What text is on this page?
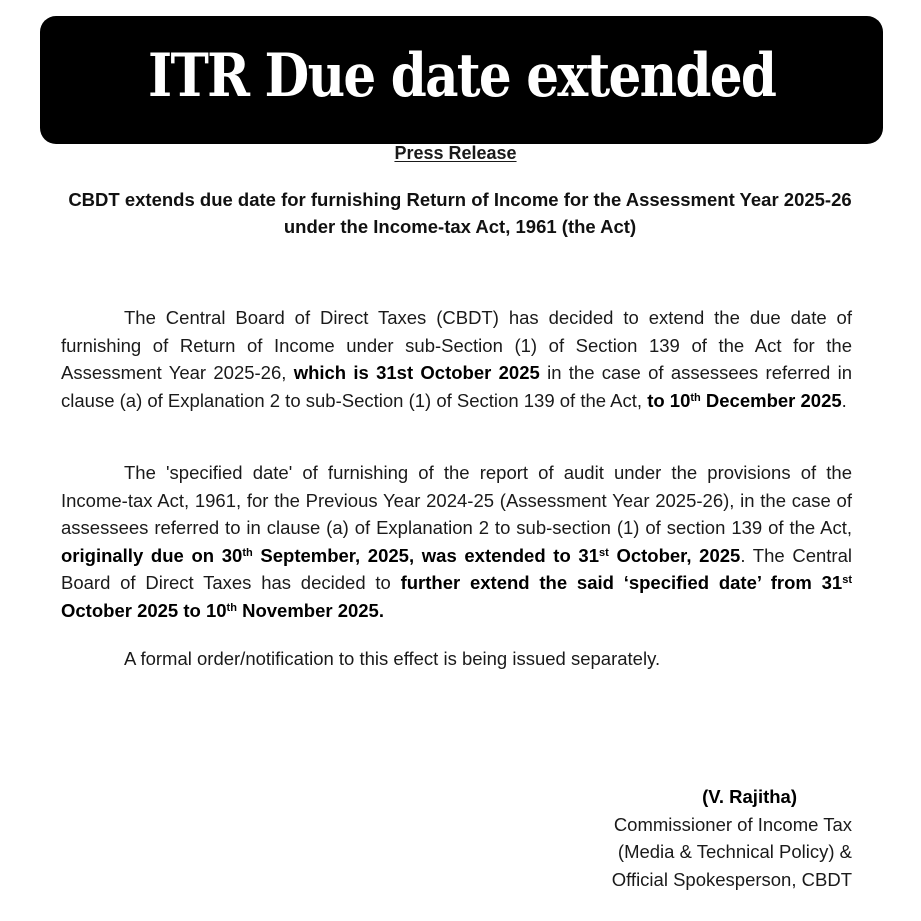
ITR Due date extended
Press Release
CBDT extends due date for furnishing Return of Income for the Assessment Year 2025-26 under the Income-tax Act, 1961 (the Act)
The Central Board of Direct Taxes (CBDT) has decided to extend the due date of furnishing of Return of Income under sub-Section (1) of Section 139 of the Act for the Assessment Year 2025-26, which is 31st October 2025 in the case of assessees referred in clause (a) of Explanation 2 to sub-Section (1) of Section 139 of the Act, to 10th December 2025.
The 'specified date' of furnishing of the report of audit under the provisions of the Income-tax Act, 1961, for the Previous Year 2024-25 (Assessment Year 2025-26), in the case of assessees referred to in clause (a) of Explanation 2 to sub-section (1) of section 139 of the Act, originally due on 30th September, 2025, was extended to 31st October, 2025. The Central Board of Direct Taxes has decided to further extend the said ‘specified date’ from 31st October 2025 to 10th November 2025.
A formal order/notification to this effect is being issued separately.
(V. Rajitha)
Commissioner of Income Tax
(Media & Technical Policy) &
Official Spokesperson, CBDT
